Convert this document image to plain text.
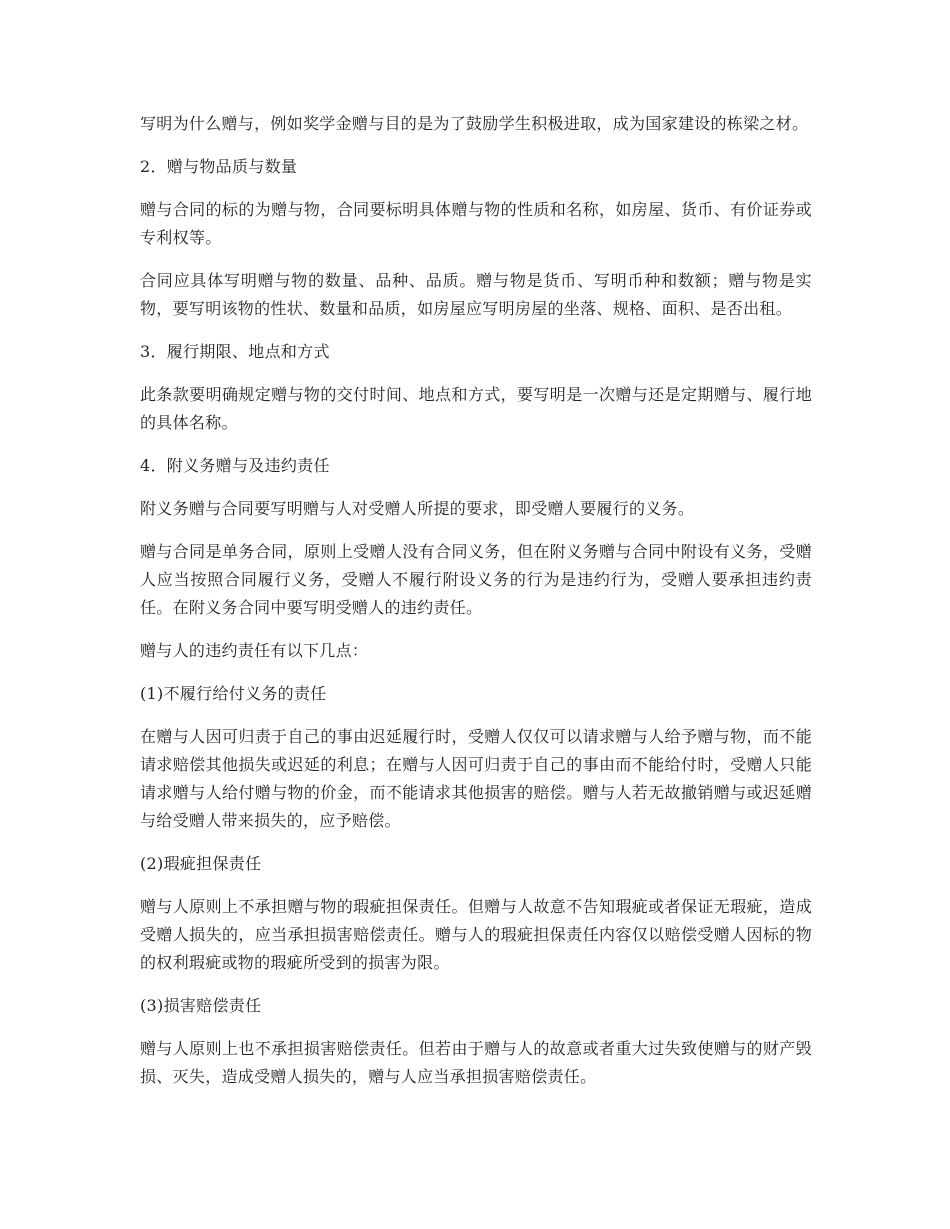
写明为什么赠与，例如奖学金赠与目的是为了鼓励学生积极进取，成为国家建设的栋梁之材。

2．赠与物品质与数量

赠与合同的标的为赠与物，合同要标明具体赠与物的性质和名称，如房屋、货币、有价证券或专利权等。

合同应具体写明赠与物的数量、品种、品质。赠与物是货币、写明币种和数额；赠与物是实物，要写明该物的性状、数量和品质，如房屋应写明房屋的坐落、规格、面积、是否出租。

3．履行期限、地点和方式

此条款要明确规定赠与物的交付时间、地点和方式，要写明是一次赠与还是定期赠与、履行地的具体名称。

4．附义务赠与及违约责任

附义务赠与合同要写明赠与人对受赠人所提的要求，即受赠人要履行的义务。

赠与合同是单务合同，原则上受赠人没有合同义务，但在附义务赠与合同中附设有义务，受赠人应当按照合同履行义务，受赠人不履行附设义务的行为是违约行为，受赠人要承担违约责任。在附义务合同中要写明受赠人的违约责任。

赠与人的违约责任有以下几点：

(1)不履行给付义务的责任

在赠与人因可归责于自己的事由迟延履行时，受赠人仅仅可以请求赠与人给予赠与物，而不能请求赔偿其他损失或迟延的利息；在赠与人因可归责于自己的事由而不能给付时，受赠人只能请求赠与人给付赠与物的价金，而不能请求其他损害的赔偿。赠与人若无故撤销赠与或迟延赠与给受赠人带来损失的，应予赔偿。

(2)瑕疵担保责任

赠与人原则上不承担赠与物的瑕疵担保责任。但赠与人故意不告知瑕疵或者保证无瑕疵，造成受赠人损失的，应当承担损害赔偿责任。赠与人的瑕疵担保责任内容仅以赔偿受赠人因标的物的权利瑕疵或物的瑕疵所受到的损害为限。

(3)损害赔偿责任

赠与人原则上也不承担损害赔偿责任。但若由于赠与人的故意或者重大过失致使赠与的财产毁损、灭失，造成受赠人损失的，赠与人应当承担损害赔偿责任。
